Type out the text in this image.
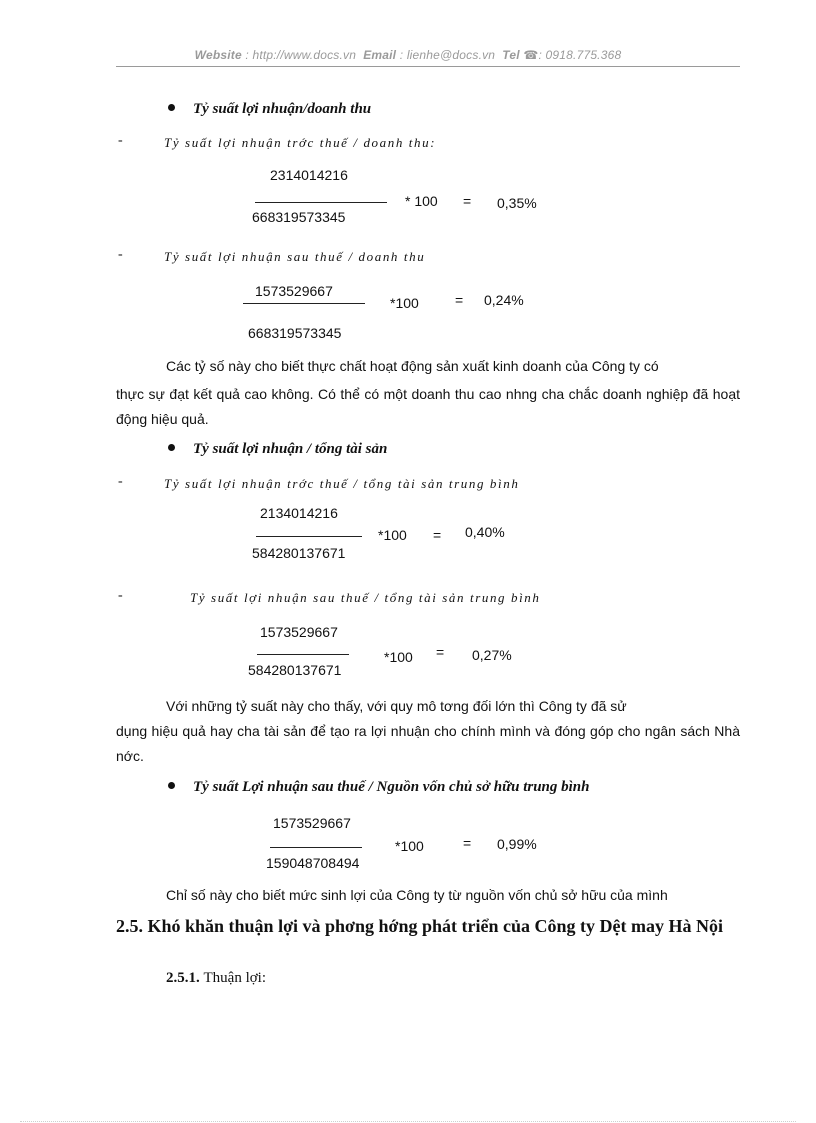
Website : http://www.docs.vn Email : lienhe@docs.vn Tel ☎: 0918.775.368
Tỷ suất lợi nhuận/doanh thu
-	Tỷ suất lợi nhuận trớc thuế / doanh thu:
2314014216
668319573345
* 100 = 0,35%
-	Tỷ suất lợi nhuận sau thuế / doanh thu
1573529667
668319573345
*100	= 0,24%
Các tỷ số này cho biết thực chất hoạt động sản xuất kinh doanh của Công ty có
thực sự đạt kết quả cao không. Có thể có một doanh thu cao nhng cha chắc doanh nghiệp đã hoạt động hiệu quả.
Tỷ suất lợi nhuận / tổng tài sản
-	Tỷ suất lợi nhuận trớc thuế / tổng tài sản trung bình
2134014216
584280137671
*100 = 0,40%
-	Tỷ suất lợi nhuận sau thuế / tổng tài sản trung bình
1573529667
584280137671
*100 = 0,27%
Với những tỷ suất này cho thấy, với quy mô tơng đối lớn thì Công ty đã sử
dụng hiệu quả hay cha tài sản để tạo ra lợi nhuận cho chính mình và đóng góp cho ngân sách Nhà nớc.
Tỷ suất Lợi nhuận sau thuế / Nguồn vốn chủ sở hữu trung bình
1573529667
159048708494
*100	= 0,99%
Chỉ số này cho biết mức sinh lợi của Công ty từ nguồn vốn chủ sở hữu của mình
2.5. Khó khăn thuận lợi và phơng hớng phát triển của Công ty Dệt may Hà Nội
2.5.1. Thuận lợi:
